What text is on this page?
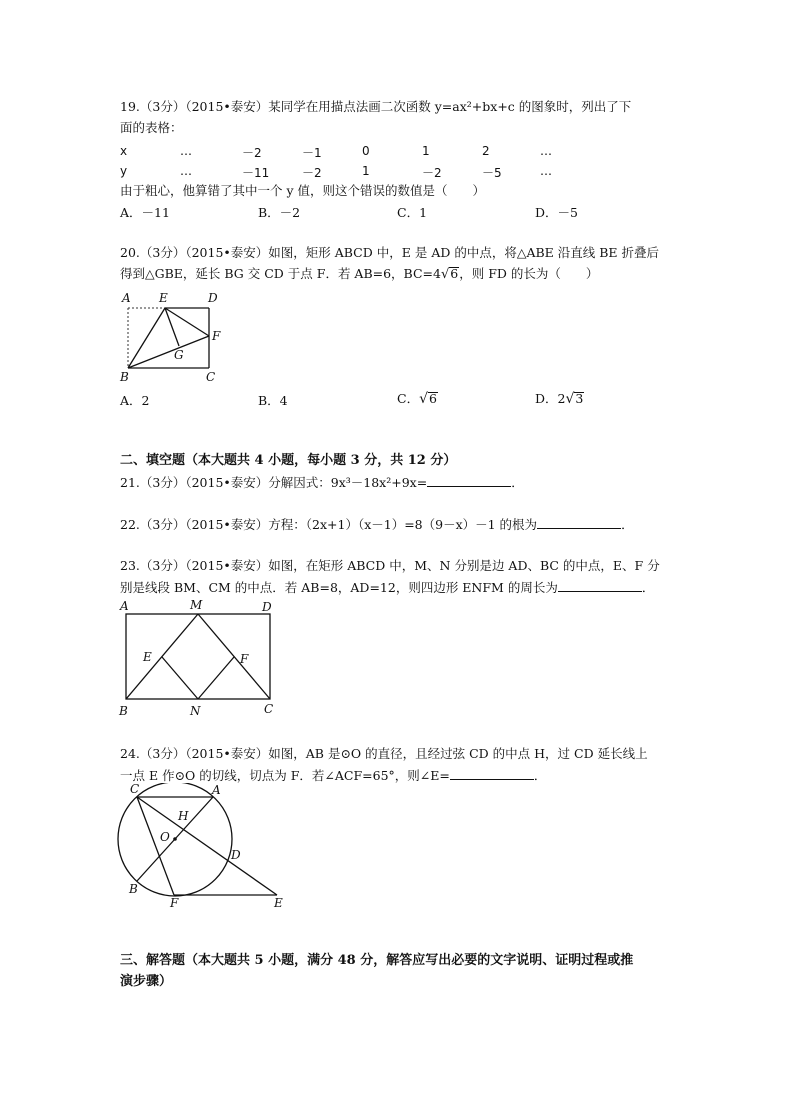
19.（3分）（2015•泰安）某同学在用描点法画二次函数 y=ax²+bx+c 的图象时，列出了下
面的表格：
x	…	－2	－1	0	1	2	…
y	…	－11	－2	1	－2	－5	…
由于粗心，他算错了其中一个 y 值，则这个错误的数值是（　　）
A．－11	B．－2	C．1	D．－5
20.（3分）（2015•泰安）如图，矩形 ABCD 中，E 是 AD 的中点，将△ABE 沿直线 BE 折叠后
得到△GBE，延长 BG 交 CD 于点 F．若 AB=6，BC=4√6，则 FD 的长为（　　）
A E	D
F
G
B	C
A．2	B．4	C．√6	D．2√3
二、填空题（本大题共 4 小题，每小题 3 分，共 12 分）
21.（3分）（2015•泰安）分解因式：9x³－18x²+9x=	．
22.（3分）（2015•泰安）方程：（2x+1）（x－1）=8（9－x）－1 的根为	．
23.（3分）（2015•泰安）如图，在矩形 ABCD 中，M、N 分别是边 AD、BC 的中点，E、F 分
别是线段 BM、CM 的中点．若 AB=8，AD=12，则四边形 ENFM 的周长为	．
A	M	D
E	F
B	N	C
24.（3分）（2015•泰安）如图，AB 是⊙O 的直径，且经过弦 CD 的中点 H，过 CD 延长线上
一点 E 作⊙O 的切线，切点为 F．若∠ACF=65°，则∠E=	．
C	A
H
O
D
B
F	E
三、解答题（本大题共 5 小题，满分 48 分，解答应写出必要的文字说明、证明过程或推
演步骤）
